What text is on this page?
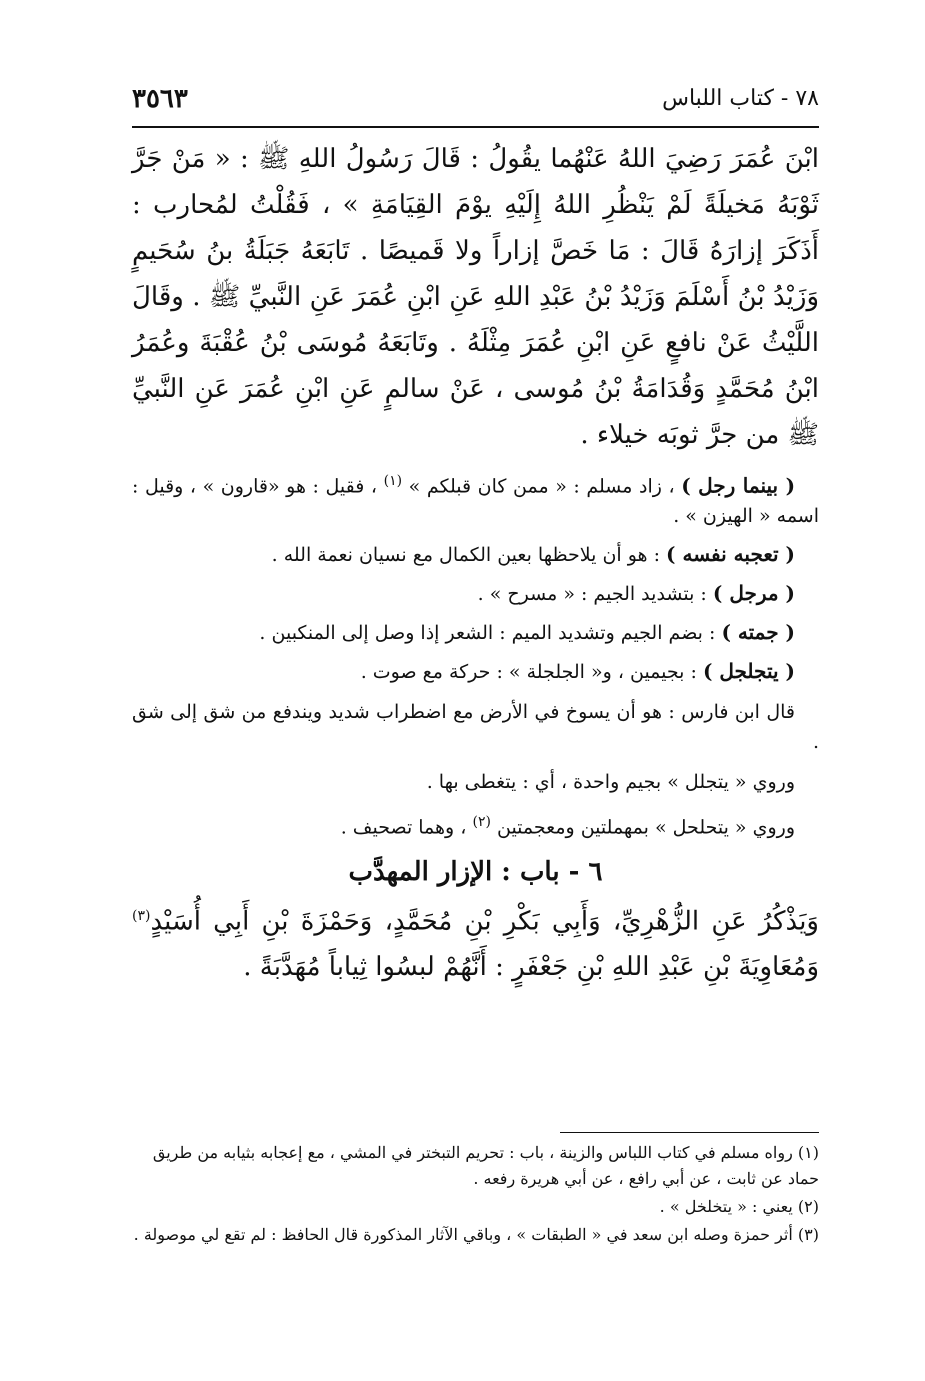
٧٨ - كتاب اللباس
٣٥٦٣

ابْنَ عُمَرَ رَضِيَ اللهُ عَنْهُما يقُولُ : قَالَ رَسُولُ اللهِ ﷺ : « مَنْ جَرَّ ثَوْبَهُ مَخيلَةً لَمْ يَنْظُرِ اللهُ إِلَيْهِ يوْمَ القِيَامَةِ » ، فَقُلْتُ لمُحارب : أَذَكَرَ إزارَهُ قَالَ : مَا خَصَّ إزاراً ولا قَميصًا . تَابَعَهُ جَبَلَةُ بنُ سُحَيمٍ وَزَيْدُ بْنُ أَسْلَمَ وَزَيْدُ بْنُ عَبْدِ اللهِ عَنِ ابْنِ عُمَرَ عَنِ النَّبيِّ ﷺ . وقَالَ اللَّيْثُ عَنْ نافعٍ عَنِ ابْنِ عُمَرَ مِثْلَهُ . وتَابَعَهُ مُوسَى بْنُ عُقْبَةَ وعُمَرُ ابْنُ مُحَمَّدٍ وَقُدَامَةُ بْنُ مُوسى ، عَنْ سالمٍ عَنِ ابْنِ عُمَرَ عَنِ النَّبيِّ ﷺ من جرَّ ثوبَه خيلاء .

( بينما رجل ) ، زاد مسلم : « ممن كان قبلكم » $^{(١)}$ ، فقيل : هو «قارون » ، وقيل : اسمه « الهيزن » .

( تعجبه نفسه ) : هو أن يلاحظها بعين الكمال مع نسيان نعمة الله .

( مرجل ) : بتشديد الجيم : « مسرح » .

( جمته ) : بضم الجيم وتشديد الميم : الشعر إذا وصل إلى المنكبين .

( يتجلجل ) : بجيمين ، و« الجلجلة » : حركة مع صوت .

قال ابن فارس : هو أن يسوخ في الأرض مع اضطراب شديد ويندفع من شق إلى شق .

وروي « يتجلل » بجيم واحدة ، أي : يتغطى بها .

وروي « يتحلحل » بمهملتين ومعجمتين $^{(٢)}$ ، وهما تصحيف .

٦ - باب : الإزار المهدَّب

وَيَذْكُرُ عَنِ الزُّهْرِيِّ، وَأَبِي بَكْرِ بْنِ مُحَمَّدٍ، وَحَمْزَةَ بْنِ أَبِي أُسَيْدٍ$^{(٣)}$ وَمُعَاوِيَةَ بْنِ عَبْدِ اللهِ بْنِ جَعْفَرٍ : أَنَّهُمْ لبسُوا ثِياباً مُهَدَّبَةً .

(١) رواه مسلم في كتاب اللباس والزينة ، باب : تحريم التبختر في المشي ، مع إعجابه بثيابه من طريق حماد عن ثابت ، عن أبي رافع ، عن أبي هريرة رفعه .

(٢) يعني : « يتخلخل » .

(٣) أثر حمزة وصله ابن سعد في « الطبقات » ، وباقي الآثار المذكورة قال الحافظ : لم تقع لي موصولة .
